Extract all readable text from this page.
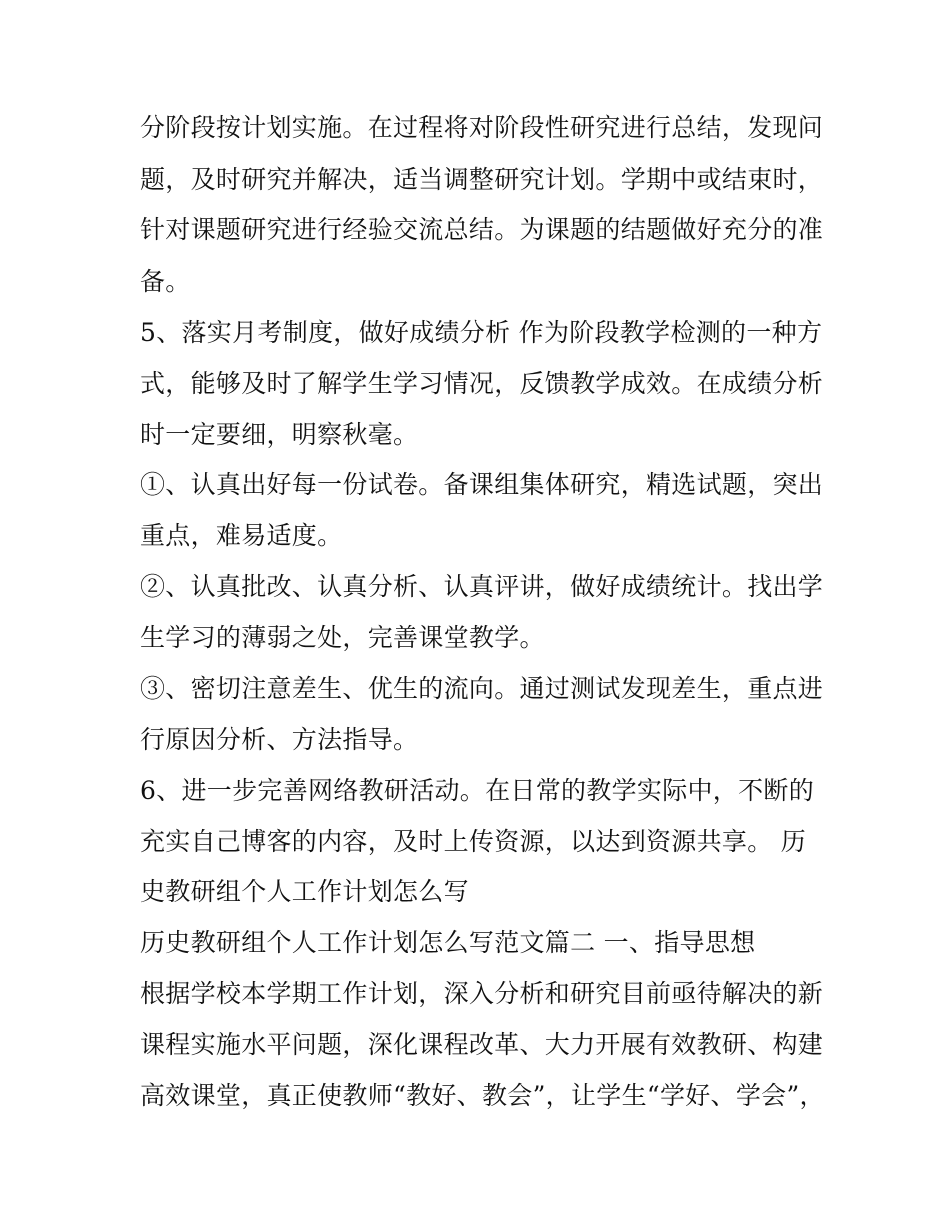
分阶段按计划实施。在过程将对阶段性研究进行总结，发现问
题，及时研究并解决，适当调整研究计划。学期中或结束时，
针对课题研究进行经验交流总结。为课题的结题做好充分的准
备。
5、落实月考制度，做好成绩分析 作为阶段教学检测的一种方
式，能够及时了解学生学习情况，反馈教学成效。在成绩分析
时一定要细，明察秋毫。
①、认真出好每一份试卷。备课组集体研究，精选试题，突出
重点，难易适度。
②、认真批改、认真分析、认真评讲，做好成绩统计。找出学
生学习的薄弱之处，完善课堂教学。
③、密切注意差生、优生的流向。通过测试发现差生，重点进
行原因分析、方法指导。
6、进一步完善网络教研活动。在日常的教学实际中，不断的
充实自己博客的内容，及时上传资源，以达到资源共享。 历
史教研组个人工作计划怎么写
历史教研组个人工作计划怎么写范文篇二 一、指导思想
根据学校本学期工作计划，深入分析和研究目前亟待解决的新
课程实施水平问题，深化课程改革、大力开展有效教研、构建
高效课堂，真正使教师“教好、教会”，让学生“学好、学会”，
